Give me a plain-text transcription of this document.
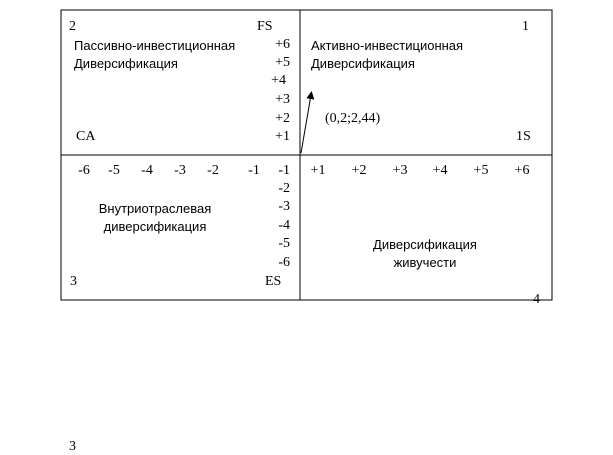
2	FS
Пассивно-инвестиционная
Диверсификация
CA
1
Активно-инвестиционная
Диверсификация
(0,2;2,44)
1S
+6
+5
+4
+3
+2
+1
-6	-5	-4	-3	-2	-1	-1
-2
-3
-4
-5
-6
+1	+2	+3	+4	+5	+6
Внутриотраслевая
диверсификация
3	ES
Диверсификация
живучести
4
3
